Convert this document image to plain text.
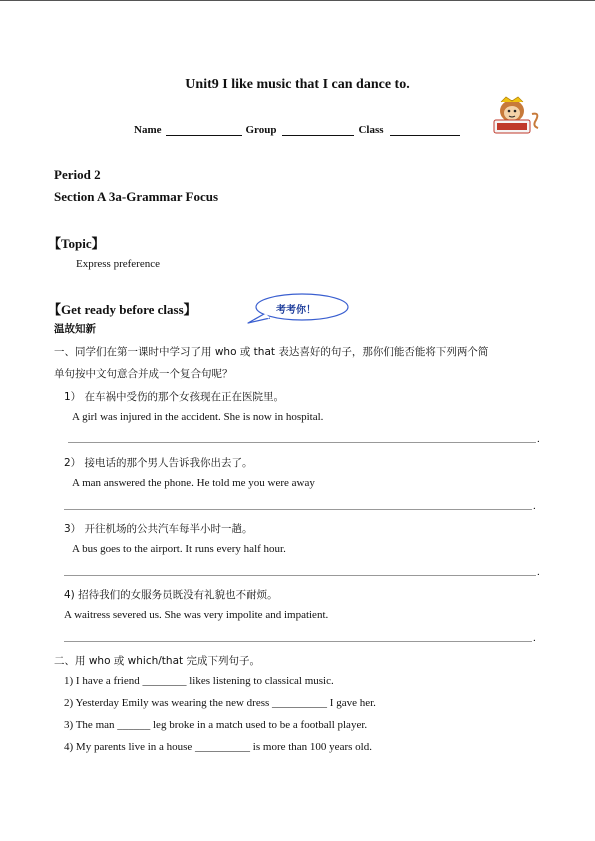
Unit9 I like music that I can dance to.
Name	Group	Class
Period 2
Section A 3a-Grammar Focus
【Topic】
Express preference
【Get ready before class】	考考你！
温故知新
一、同学们在第一课时中学习了用 who 或 that 表达喜好的句子，那你们能否能将下列两个简
单句按中文句意合并成一个复合句呢？
1） 在车祸中受伤的那个女孩现在正在医院里。
A girl was injured in the accident. She is now in hospital.
.
2） 接电话的那个男人告诉我你出去了。
A man answered the phone. He told me you were away
.
3） 开往机场的公共汽车每半小时一趟。
A bus goes to the airport. It runs every half hour.
.
4) 招待我们的女服务员既没有礼貌也不耐烦。
A waitress severed us. She was very impolite and impatient.
.
二、用 who 或 which/that 完成下列句子。
1) I have a friend ________ likes listening to classical music.
2) Yesterday Emily was wearing the new dress __________ I gave her.
3) The man ______ leg broke in a match used to be a football player.
4) My parents live in a house __________ is more than 100 years old.
